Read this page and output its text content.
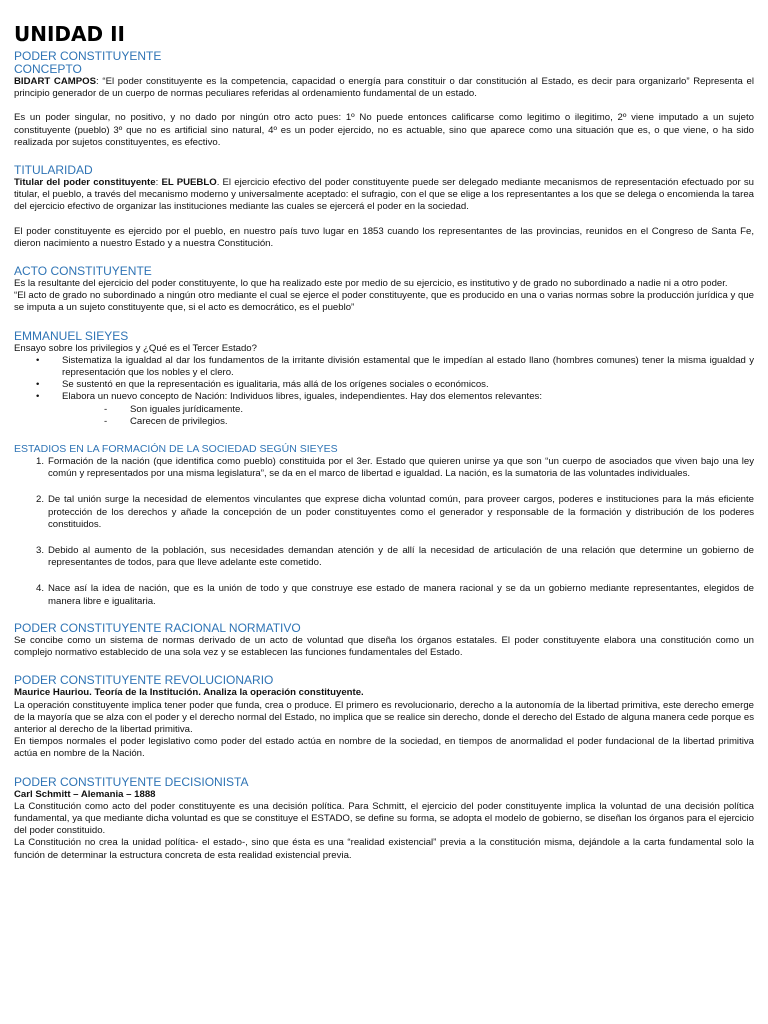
UNIDAD II
PODER CONSTITUYENTE
CONCEPTO

BIDART CAMPOS: “El poder constituyente es la competencia, capacidad o energía para constituir o dar constitución al Estado, es decir para organizarlo” Representa el principio generador de un cuerpo de normas peculiares referidas al ordenamiento fundamental de un estado.

Es un poder singular, no positivo, y no dado por ningún otro acto pues: 1º No puede entonces calificarse como legitimo o ilegitimo, 2º viene imputado a un sujeto constituyente (pueblo) 3º que no es artificial sino natural, 4º es un poder ejercido, no es actuable, sino que aparece como una situación que es, o que viene, o ha sido realizada por sujetos constituyentes, es efectivo.

TITULARIDAD

Titular del poder constituyente: EL PUEBLO. El ejercicio efectivo del poder constituyente puede ser delegado mediante mecanismos de representación efectuado por su titular, el pueblo, a través del mecanismo moderno y universalmente aceptado: el sufragio, con el que se elige a los representantes a los que se delega o encomienda la tarea del ejercicio efectivo de organizar las instituciones mediante las cuales se ejercerá el poder en la sociedad.

El poder constituyente es ejercido por el pueblo, en nuestro país tuvo lugar en 1853 cuando los representantes de las provincias, reunidos en el Congreso de Santa Fe, dieron nacimiento a nuestro Estado y a nuestra Constitución.

ACTO CONSTITUYENTE

Es la resultante del ejercicio del poder constituyente, lo que ha realizado este por medio de su ejercicio, es institutivo y de grado no subordinado a nadie ni a otro poder.

“El acto de grado no subordinado a ningún otro mediante el cual se ejerce el poder constituyente, que es producido en una o varias normas sobre la producción jurídica y que se imputa a un sujeto constituyente que, si el acto es democrático, es el pueblo”

EMMANUEL SIEYES

Ensayo sobre los privilegios y ¿Qué es el Tercer Estado?

• Sistematiza la igualdad al dar los fundamentos de la irritante división estamental que le impedían al estado llano (hombres comunes) tener la misma igualdad y representación que los nobles y el clero.

• Se sustentó en que la representación es igualitaria, más allá de los orígenes sociales o económicos.

• Elabora un nuevo concepto de Nación: Individuos libres, iguales, independientes. Hay dos elementos relevantes:

- Son iguales jurídicamente.

- Carecen de privilegios.

ESTADIOS EN LA FORMACIÓN DE LA SOCIEDAD SEGÚN SIEYES

1. Formación de la nación (que identifica como pueblo) constituida por el 3er. Estado que quieren unirse ya que son “un cuerpo de asociados que viven bajo una ley común y representados por una misma legislatura”, se da en el marco de libertad e igualdad. La nación, es la sumatoria de las voluntades individuales.

2. De tal unión surge la necesidad de elementos vinculantes que exprese dicha voluntad común, para proveer cargos, poderes e instituciones para la más eficiente protección de los derechos y añade la concepción de un poder constituyentes como el generador y responsable de la formación y distribución de los poderes constituidos.

3. Debido al aumento de la población, sus necesidades demandan atención y de allí la necesidad de articulación de una relación que determine un gobierno de representantes de todos, para que lleve adelante este cometido.

4. Nace así la idea de nación, que es la unión de todo y que construye ese estado de manera racional y se da un gobierno mediante representantes, elegidos de manera libre e igualitaria.

PODER CONSTITUYENTE RACIONAL NORMATIVO

Se concibe como un sistema de normas derivado de un acto de voluntad que diseña los órganos estatales. El poder constituyente elabora una constitución como un complejo normativo establecido de una sola vez y se establecen las funciones fundamentales del Estado.

PODER CONSTITUYENTE REVOLUCIONARIO

Maurice Hauriou. Teoría de la Institución. Analiza la operación constituyente.

La operación constituyente implica tener poder que funda, crea o produce. El primero es revolucionario, derecho a la autonomía de la libertad primitiva, este derecho emerge de la mayoría que se alza con el poder y el derecho normal del Estado, no implica que se realice sin derecho, donde el derecho del Estado de alguna manera cede porque es anterior al derecho de la libertad primitiva.

En tiempos normales el poder legislativo como poder del estado actúa en nombre de la sociedad, en tiempos de anormalidad el poder fundacional de la libertad primitiva actúa en nombre de la Nación.

PODER CONSTITUYENTE DECISIONISTA

Carl Schmitt – Alemania – 1888

La Constitución como acto del poder constituyente es una decisión política. Para Schmitt, el ejercicio del poder constituyente implica la voluntad de una decisión política fundamental, ya que mediante dicha voluntad es que se constituye el ESTADO, se define su forma, se adopta el modelo de gobierno, se diseñan los órganos para el ejercicio del poder constituido.

La Constitución no crea la unidad política- el estado-, sino que ésta es una “realidad existencial” previa a la constitución misma, dejándole a la carta fundamental solo la función de determinar la estructura concreta de esta realidad existencial previa.
